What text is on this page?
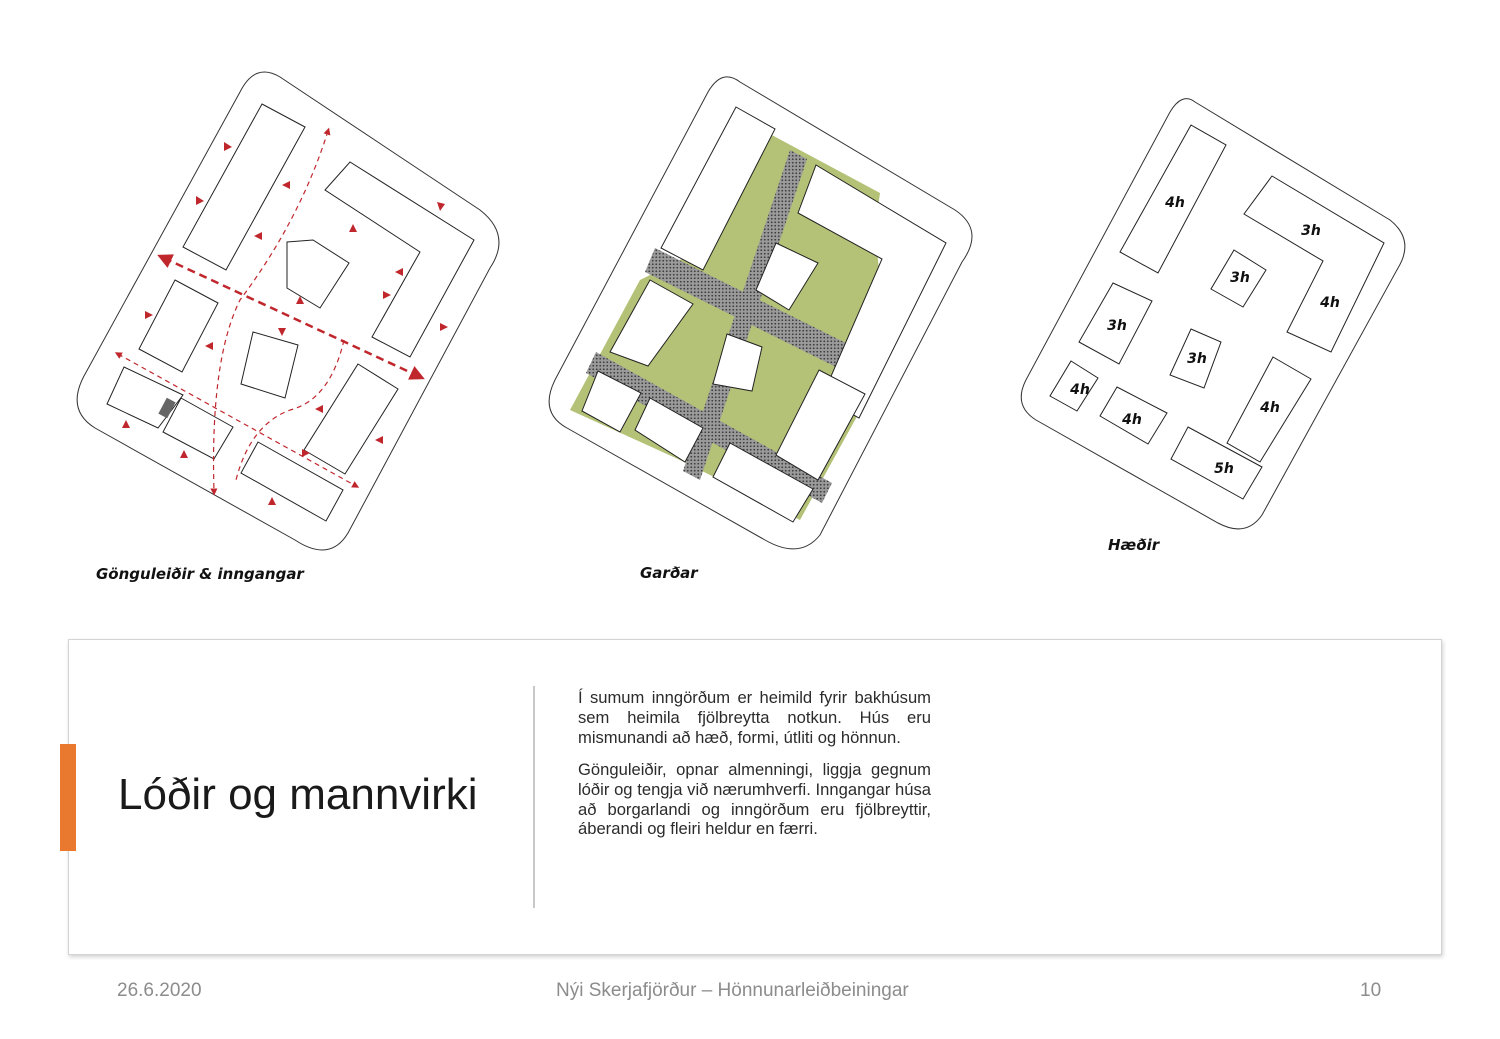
Gönguleiðir & inngangar	Garðar
4h
3h
3h
4h
3h
3h
4h
4h
4h
5h
Hæðir
Lóðir og mannvirki

Í sumum inngörðum er heimild fyrir bakhúsum sem heimila fjölbreytta notkun. Hús eru mismunandi að hæð, formi, útliti og hönnun.

Gönguleiðir, opnar almenningi, liggja gegnum lóðir og tengja við nærumhverfi. Inngangar húsa að borgarlandi og inngörðum eru fjölbreyttir, áberandi og fleiri heldur en færri.

26.6.2020	Nýi Skerjafjörður – Hönnunarleiðbeiningar	10
